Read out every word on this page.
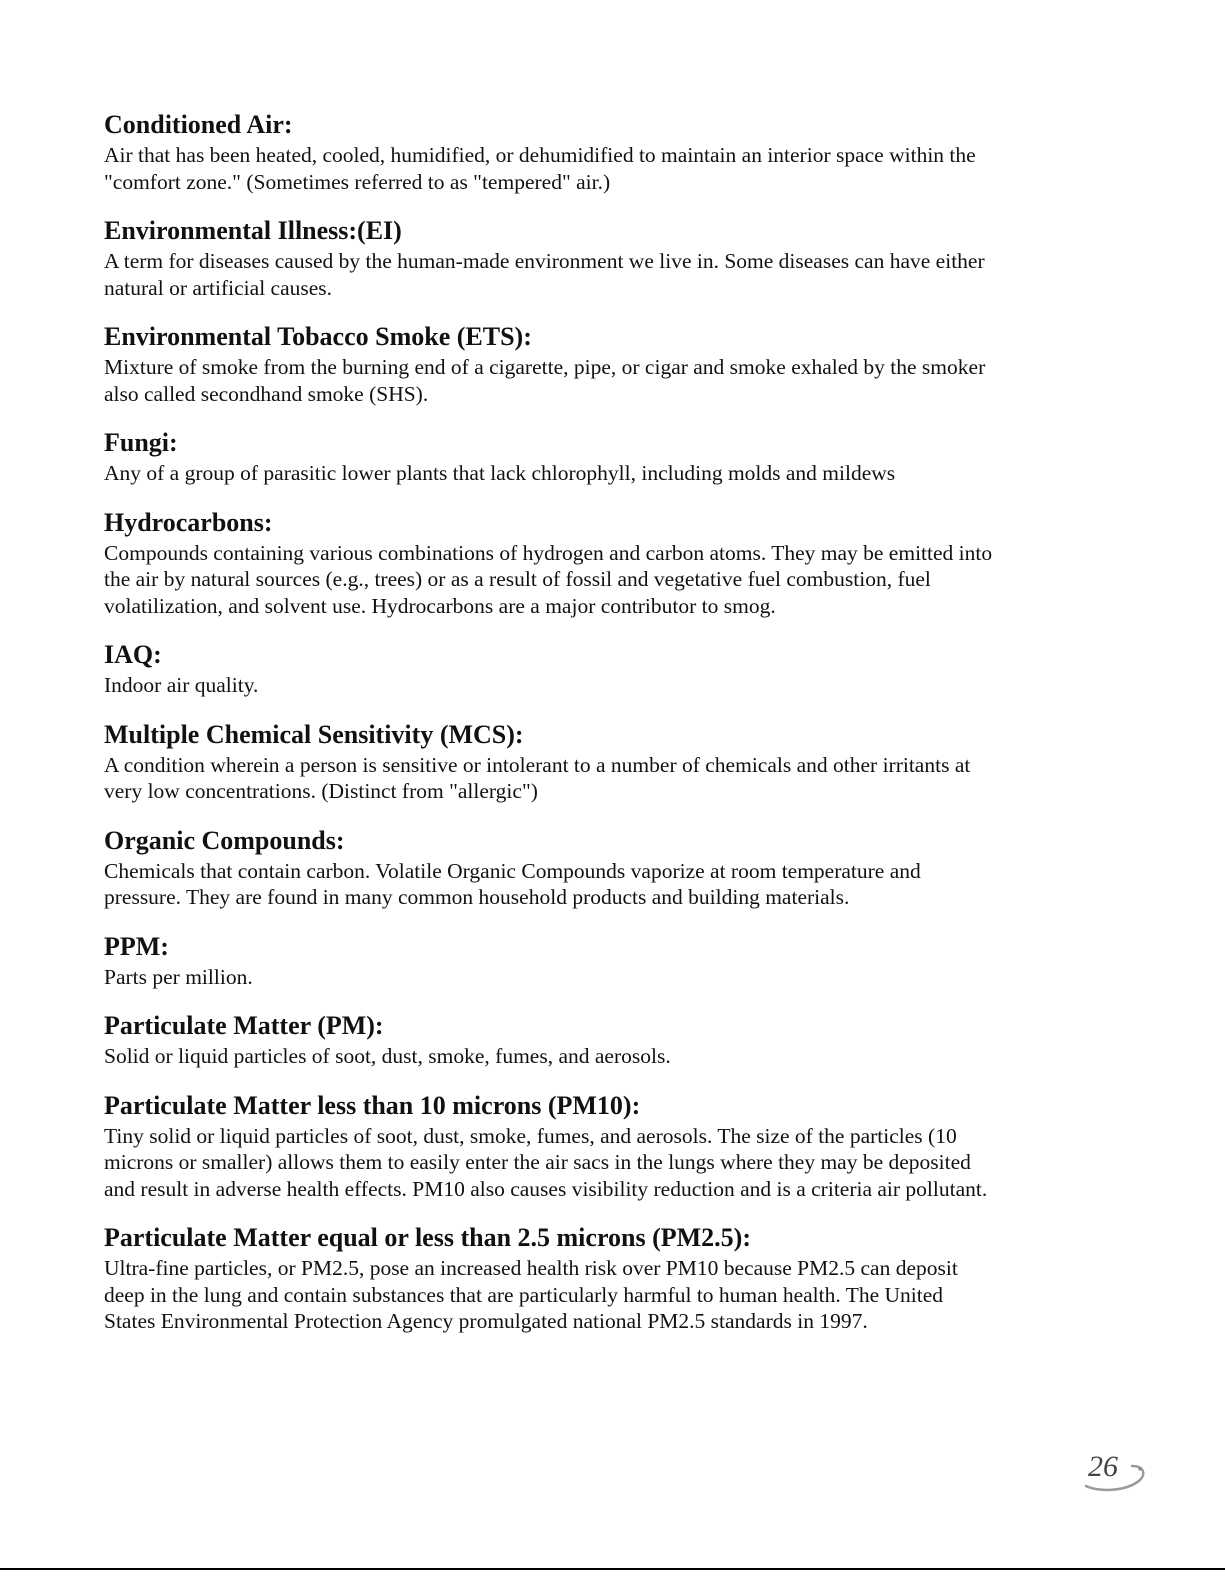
Conditioned Air:

Air that has been heated, cooled, humidified, or dehumidified to maintain an interior space within the
"comfort zone." (Sometimes referred to as "tempered" air.)

Environmental Illness:(EI)

A term for diseases caused by the human-made environment we live in. Some diseases can have either
natural or artificial causes.

Environmental Tobacco Smoke (ETS):

Mixture of smoke from the burning end of a cigarette, pipe, or cigar and smoke exhaled by the smoker
also called secondhand smoke (SHS).

Fungi:

Any of a group of parasitic lower plants that lack chlorophyll, including molds and mildews

Hydrocarbons:

Compounds containing various combinations of hydrogen and carbon atoms. They may be emitted into
the air by natural sources (e.g., trees) or as a result of fossil and vegetative fuel combustion, fuel
volatilization, and solvent use. Hydrocarbons are a major contributor to smog.

IAQ:

Indoor air quality.

Multiple Chemical Sensitivity (MCS):

A condition wherein a person is sensitive or intolerant to a number of chemicals and other irritants at
very low concentrations. (Distinct from "allergic")

Organic Compounds:

Chemicals that contain carbon. Volatile Organic Compounds vaporize at room temperature and
pressure. They are found in many common household products and building materials.

PPM:

Parts per million.

Particulate Matter (PM):

Solid or liquid particles of soot, dust, smoke, fumes, and aerosols.

Particulate Matter less than 10 microns (PM10):

Tiny solid or liquid particles of soot, dust, smoke, fumes, and aerosols. The size of the particles (10
microns or smaller) allows them to easily enter the air sacs in the lungs where they may be deposited
and result in adverse health effects. PM10 also causes visibility reduction and is a criteria air pollutant.

Particulate Matter equal or less than 2.5 microns (PM2.5):

Ultra-fine particles, or PM2.5, pose an increased health risk over PM10 because PM2.5 can deposit
deep in the lung and contain substances that are particularly harmful to human health. The United
States Environmental Protection Agency promulgated national PM2.5 standards in 1997.

26
